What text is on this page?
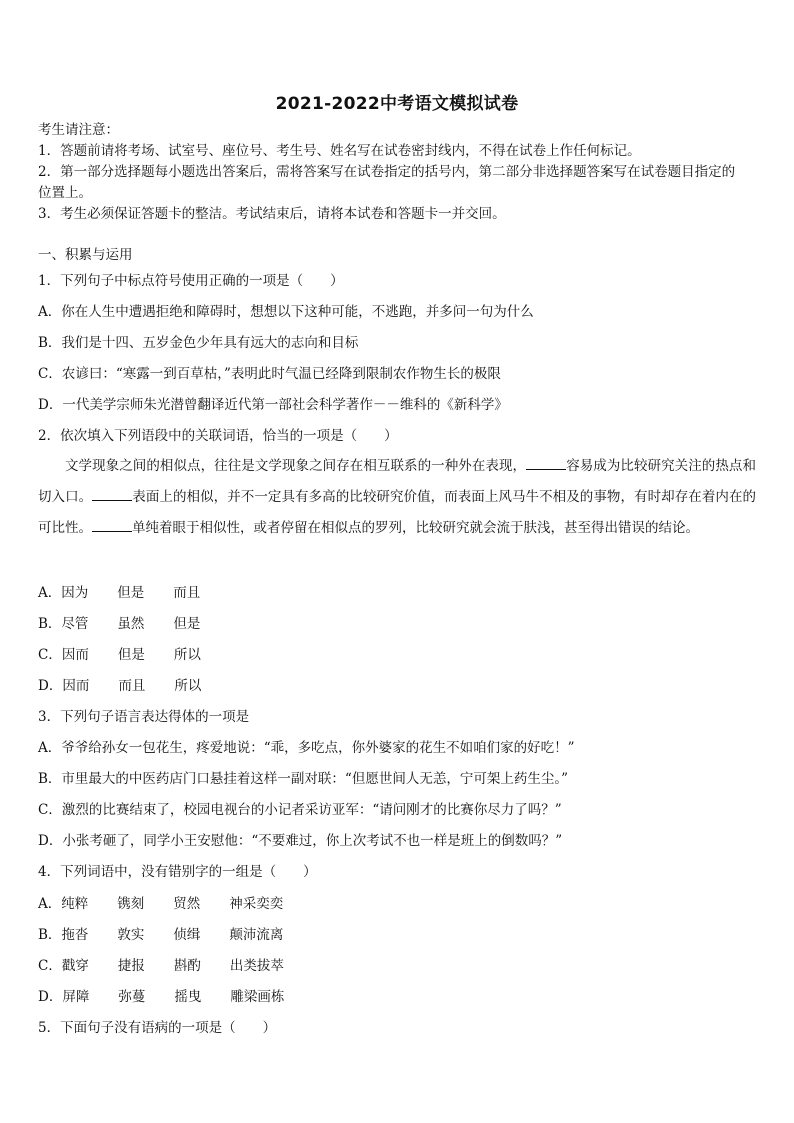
2021-2022中考语文模拟试卷
考生请注意：
1．答题前请将考场、试室号、座位号、考生号、姓名写在试卷密封线内，不得在试卷上作任何标记。
2．第一部分选择题每小题选出答案后，需将答案写在试卷指定的括号内，第二部分非选择题答案写在试卷题目指定的
位置上。
3．考生必须保证答题卡的整洁。考试结束后，请将本试卷和答题卡一并交回。
一、积累与运用
1．下列句子中标点符号使用正确的一项是（　　）
A．你在人生中遭遇拒绝和障碍时，想想以下这种可能，不逃跑，并多问一句为什么
B．我们是十四、五岁金色少年具有远大的志向和目标
C．农谚曰：“寒露一到百草枯，”表明此时气温已经降到限制农作物生长的极限
D．一代美学宗师朱光潜曾翻译近代第一部社会科学著作－－维科的《新科学》
2．依次填入下列语段中的关联词语，恰当的一项是（　　）
文学现象之间的相似点，往往是文学现象之间存在相互联系的一种外在表现，	容易成为比较研究关注的热点和切入口。	表面上的相似，并不一定具有多高的比较研究价值，而表面上风马牛不相及的事物，有时却存在着内在的可比性。	单纯着眼于相似性，或者停留在相似点的罗列，比较研究就会流于肤浅，甚至得出错误的结论。
A．因为 但是 而且
B．尽管 虽然 但是
C．因而 但是 所以
D．因而 而且 所以
3．下列句子语言表达得体的一项是
A．爷爷给孙女一包花生，疼爱地说：“乖，多吃点，你外婆家的花生不如咱们家的好吃！”
B．市里最大的中医药店门口悬挂着这样一副对联：“但愿世间人无恙，宁可架上药生尘。”
C．激烈的比赛结束了，校园电视台的小记者采访亚军：“请问刚才的比赛你尽力了吗？”
D．小张考砸了，同学小王安慰他：“不要难过，你上次考试不也一样是班上的倒数吗？”
4．下列词语中，没有错别字的一组是（　　）
A．纯粹 镌刻 贸然 神采奕奕
B．拖沓 敦实 侦缉 颠沛流离
C．戳穿 捷报 斟酌 出类拔萃
D．屏障 弥蔓 摇曳 雕梁画栋
5．下面句子没有语病的一项是（　　）
